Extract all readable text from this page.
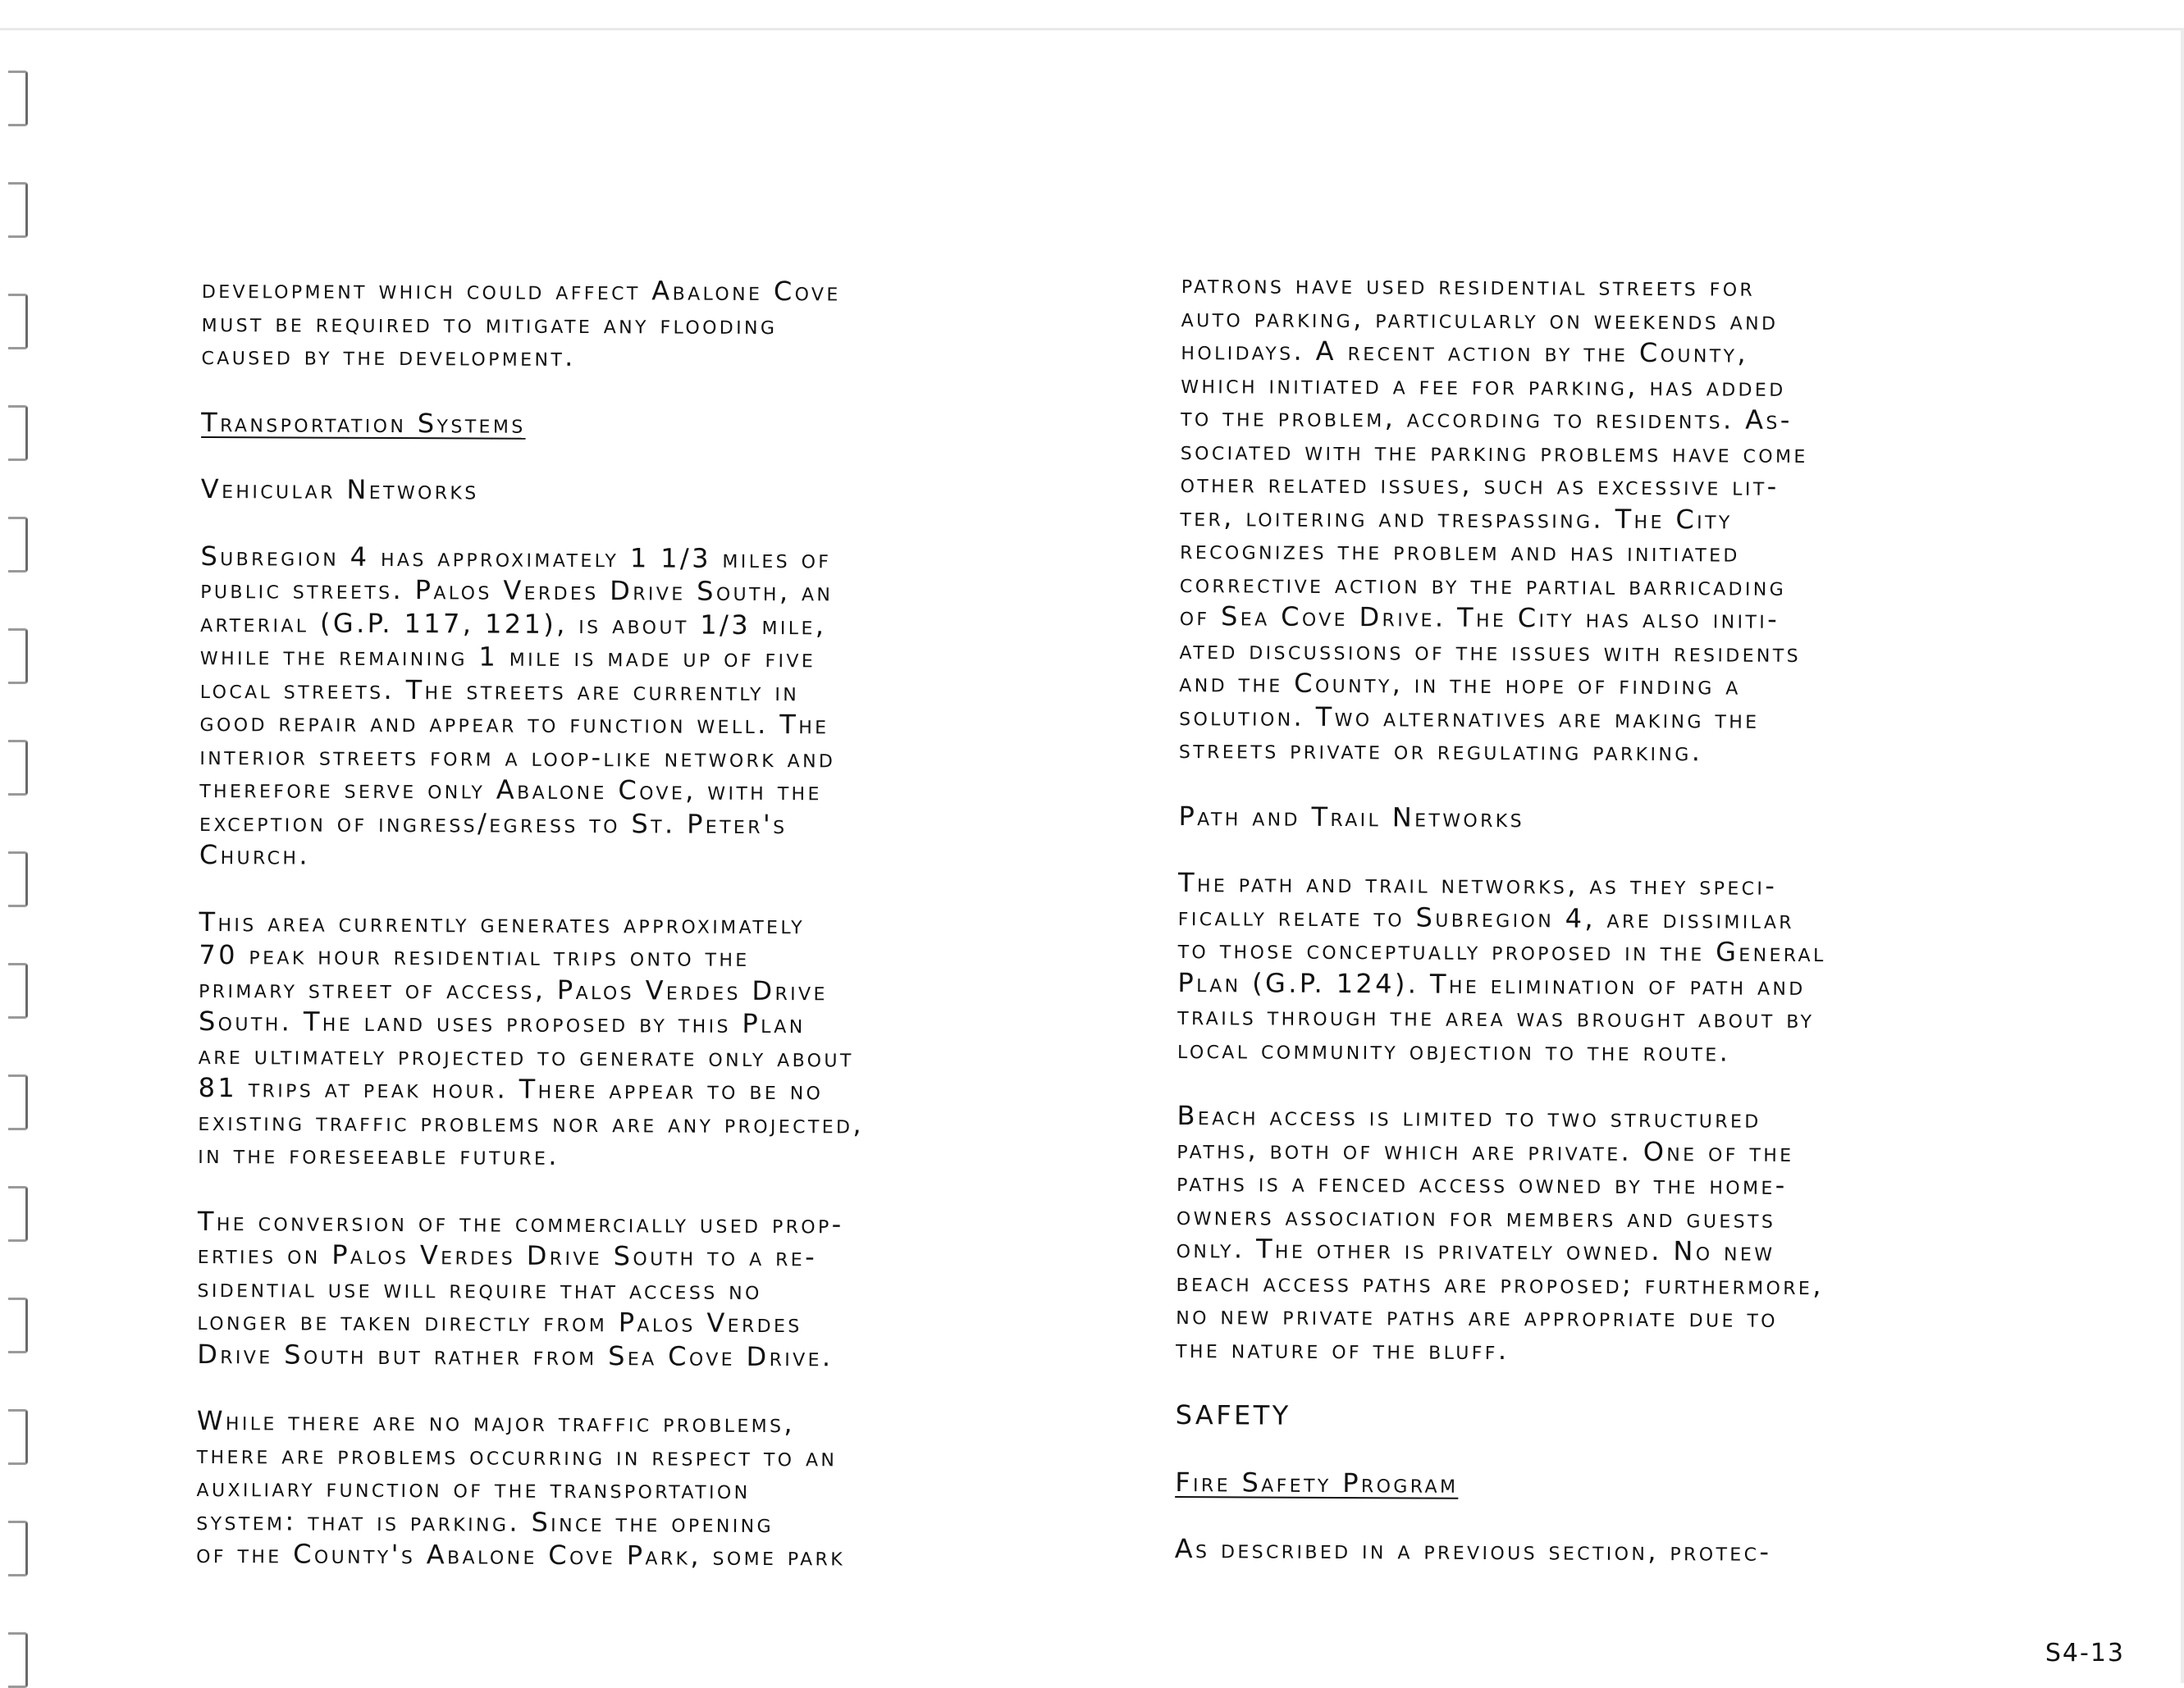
development which could affect Abalone Cove
must be required to mitigate any flooding
caused by the development.
Transportation Systems
Vehicular Networks
Subregion 4 has approximately 1 1/3 miles of
public streets. Palos Verdes Drive South, an
arterial (G.P. 117, 121), is about 1/3 mile,
while the remaining 1 mile is made up of five
local streets. The streets are currently in
good repair and appear to function well. The
interior streets form a loop-like network and
therefore serve only Abalone Cove, with the
exception of ingress/egress to St. Peter's
Church.
This area currently generates approximately
70 peak hour residential trips onto the
primary street of access, Palos Verdes Drive
South. The land uses proposed by this Plan
are ultimately projected to generate only about
81 trips at peak hour. There appear to be no
existing traffic problems nor are any projected,
in the foreseeable future.
The conversion of the commercially used prop-
erties on Palos Verdes Drive South to a re-
sidential use will require that access no
longer be taken directly from Palos Verdes
Drive South but rather from Sea Cove Drive.
While there are no major traffic problems,
there are problems occurring in respect to an
auxiliary function of the transportation
system: that is parking. Since the opening
of the County's Abalone Cove Park, some park
patrons have used residential streets for
auto parking, particularly on weekends and
holidays. A recent action by the County,
which initiated a fee for parking, has added
to the problem, according to residents. As-
sociated with the parking problems have come
other related issues, such as excessive lit-
ter, loitering and trespassing. The City
recognizes the problem and has initiated
corrective action by the partial barricading
of Sea Cove Drive. The City has also initi-
ated discussions of the issues with residents
and the County, in the hope of finding a
solution. Two alternatives are making the
streets private or regulating parking.
Path and Trail Networks
The path and trail networks, as they speci-
fically relate to Subregion 4, are dissimilar
to those conceptually proposed in the General
Plan (G.P. 124). The elimination of path and
trails through the area was brought about by
local community objection to the route.
Beach access is limited to two structured
paths, both of which are private. One of the
paths is a fenced access owned by the home-
owners association for members and guests
only. The other is privately owned. No new
beach access paths are proposed; furthermore,
no new private paths are appropriate due to
the nature of the bluff.
SAFETY
Fire Safety Program
As described in a previous section, protec-
S4-13
